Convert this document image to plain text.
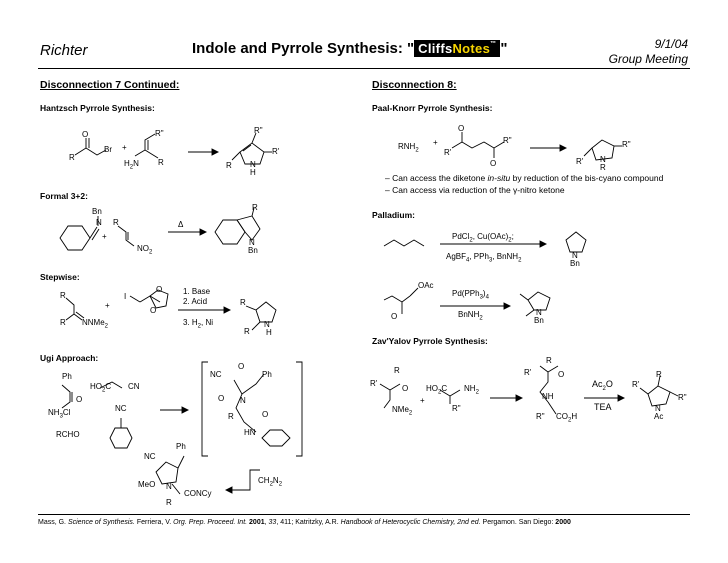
Richter	Indole and Pyrrole Synthesis: " CliffsNotes™ "	9/1/04
Group Meeting
Disconnection 7 Continued:
Hantzsch Pyrrole Synthesis:
Formal 3+2:
Stepwise:
Ugi Approach:
Disconnection 8:
Paal-Knorr Pyrrole Synthesis:
– Can access the diketone in-situ by reduction of the bis-cyano compound
– Can access via reduction of the γ-nitro ketone
Palladium:
Zav'Yalov Pyrrole Synthesis:
O
R
Br +
R"
$H_2N$ R
R"
R'
R N
H
Bn
N
+
R
$NO_2$
Δ
R
N
Bn
R
R NNMe$_2$
+
I
O
O
1. Base
2. Acid
3. $H_2$, Ni
R
R
N
H
Ph
O
$NH_3Cl$
$HO_2C$ CN
NC
RCHO
NC
O
Ph
O N
R	O
HN
Ph
NC
MeO N
CONCy
R
$CH_2N_2$
$RNH_2$
+
R'
O
R"
O
R"
R' N
R
PdCl$_2$, $Cu(OAc)_2$;
AgBF$_4$, PPh$_3$, BnNH$_2$
N
Bn
OAc
O
$Pd(PPh_3)_4$
BnNH$_2$
N
Bn
R
R'
O
NMe$_2$
+
$HO_2C$ $NH_2$
R"
R
R'	O
NH
R" $CO_2H$
$Ac_2O$
TEA
R
R'
R"
N
Ac
Mass, G. Science of Synthesis. Ferriera, V. Org. Prep. Proceed. Int. 2001, 33, 411; Katritzky, A.R. Handbook of Heterocyclic Chemistry, 2nd ed. Pergamon. San Diego: 2000
